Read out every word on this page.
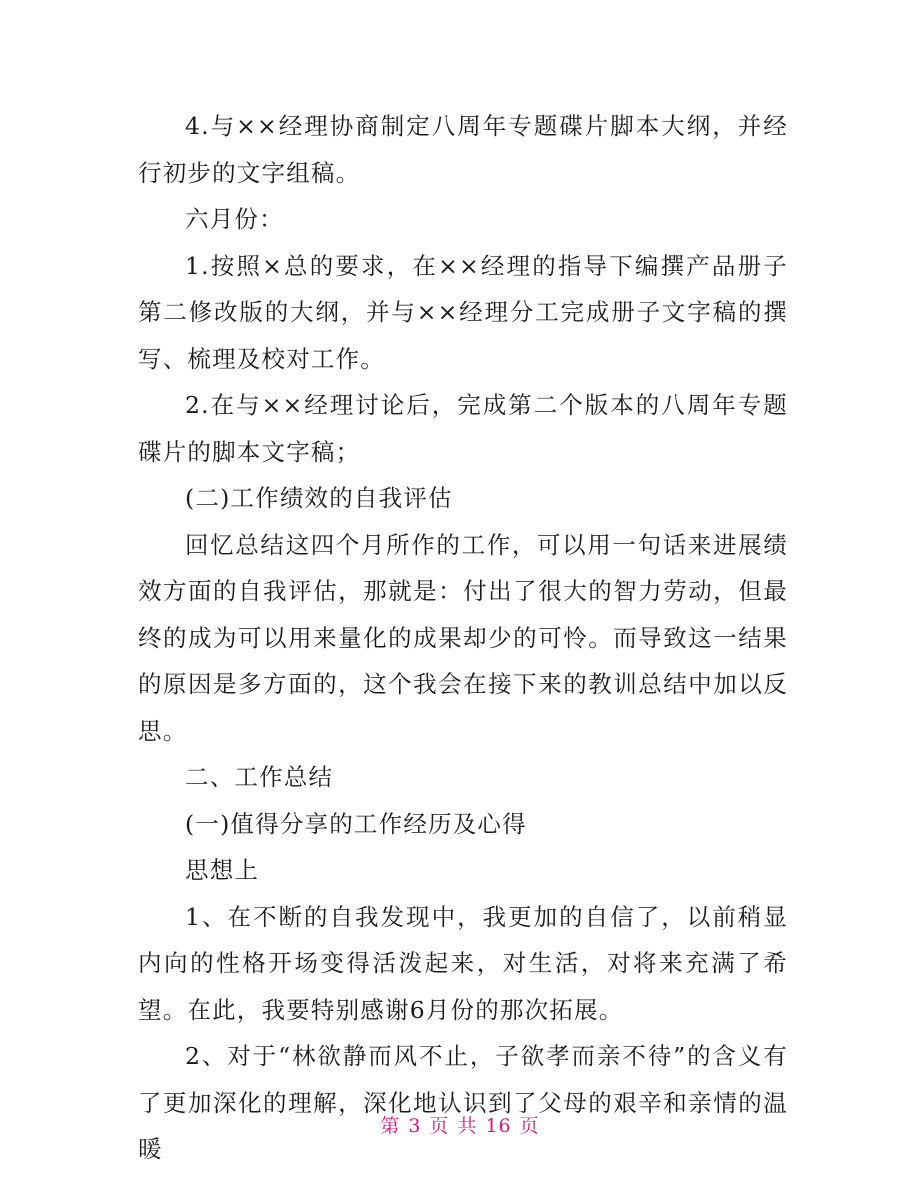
4.与××经理协商制定八周年专题碟片脚本大纲，并经行初步的文字组稿。

六月份：

1.按照×总的要求，在××经理的指导下编撰产品册子第二修改版的大纲，并与××经理分工完成册子文字稿的撰写、梳理及校对工作。

2.在与××经理讨论后，完成第二个版本的八周年专题碟片的脚本文字稿；

(二)工作绩效的自我评估

回忆总结这四个月所作的工作，可以用一句话来进展绩效方面的自我评估，那就是：付出了很大的智力劳动，但最终的成为可以用来量化的成果却少的可怜。而导致这一结果的原因是多方面的，这个我会在接下来的教训总结中加以反思。

二、工作总结

(一)值得分享的工作经历及心得

思想上

1、在不断的自我发现中，我更加的自信了，以前稍显内向的性格开场变得活泼起来，对生活，对将来充满了希望。在此，我要特别感谢6月份的那次拓展。

2、对于“林欲静而风不止，子欲孝而亲不待”的含义有了更加深化的理解，深化地认识到了父母的艰辛和亲情的温暖

第 3 页 共 16 页
